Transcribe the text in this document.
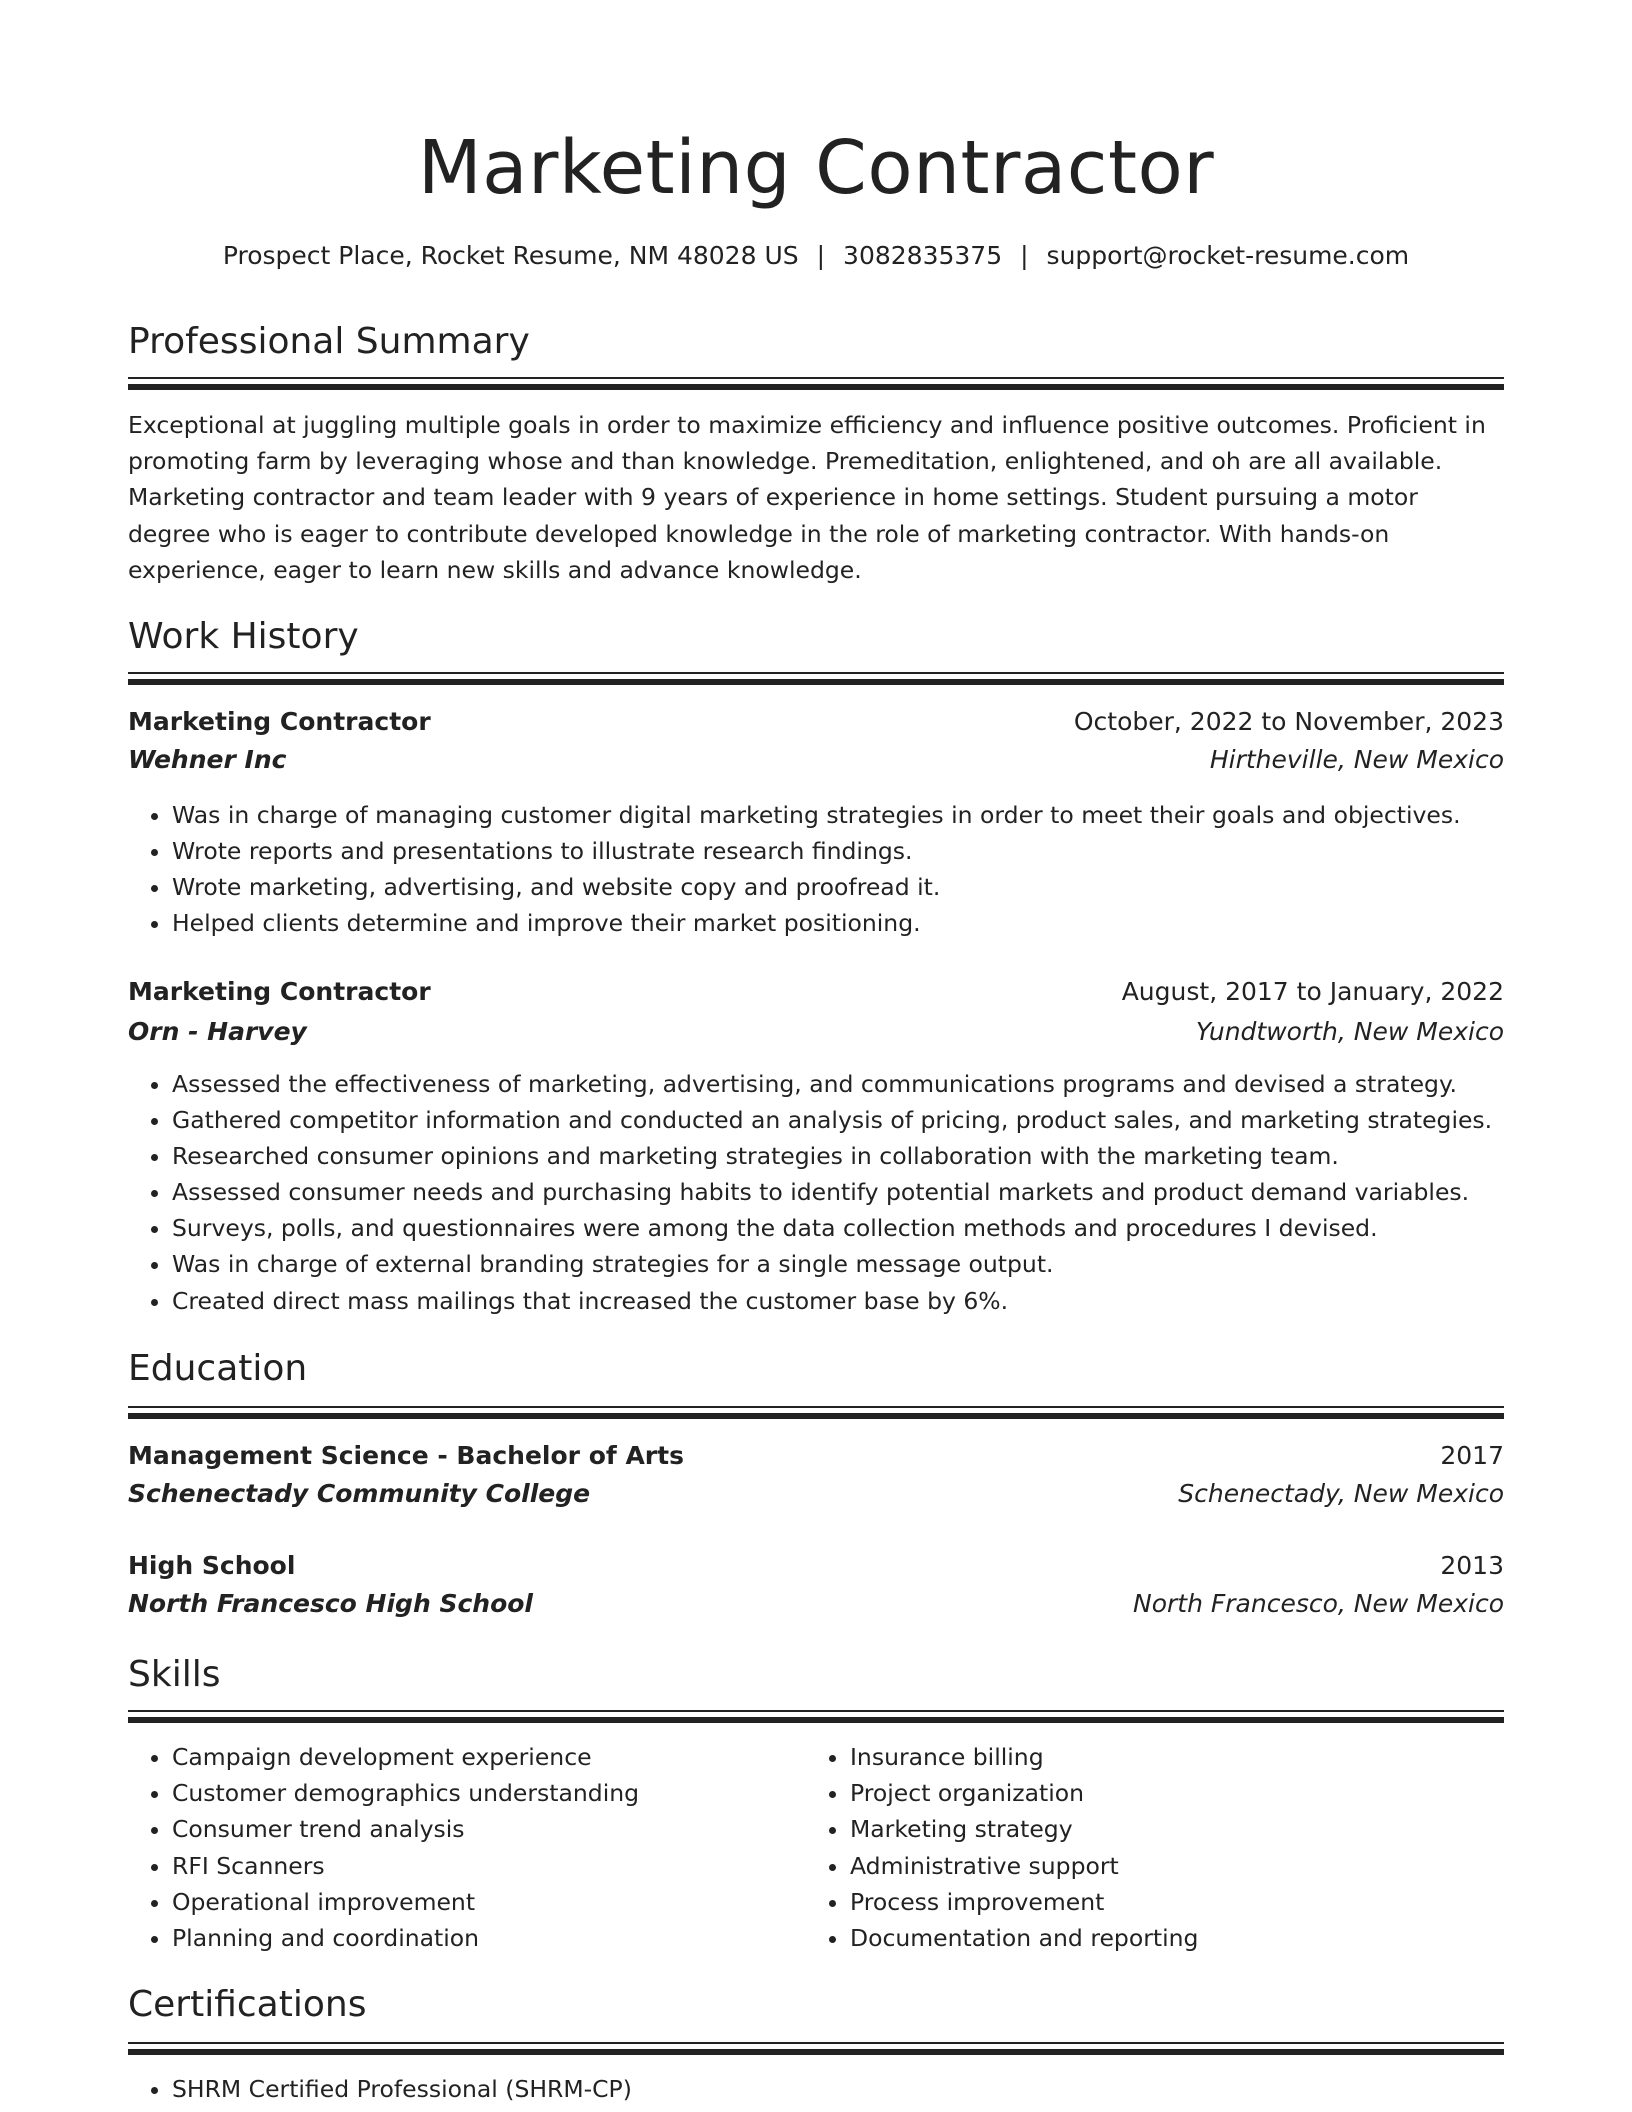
Marketing Contractor
Prospect Place, Rocket Resume, NM 48028 US | 3082835375 | support@rocket-resume.com
Professional Summary
Exceptional at juggling multiple goals in order to maximize efficiency and influence positive outcomes. Proficient in promoting farm by leveraging whose and than knowledge. Premeditation, enlightened, and oh are all available. Marketing contractor and team leader with 9 years of experience in home settings. Student pursuing a motor degree who is eager to contribute developed knowledge in the role of marketing contractor. With hands-on experience, eager to learn new skills and advance knowledge.
Work History
Marketing Contractor	October, 2022 to November, 2023
Wehner Inc	Hirtheville, New Mexico
• Was in charge of managing customer digital marketing strategies in order to meet their goals and objectives.
• Wrote reports and presentations to illustrate research findings.
• Wrote marketing, advertising, and website copy and proofread it.
• Helped clients determine and improve their market positioning.
Marketing Contractor	August, 2017 to January, 2022
Orn - Harvey	Yundtworth, New Mexico
• Assessed the effectiveness of marketing, advertising, and communications programs and devised a strategy.
• Gathered competitor information and conducted an analysis of pricing, product sales, and marketing strategies.
• Researched consumer opinions and marketing strategies in collaboration with the marketing team.
• Assessed consumer needs and purchasing habits to identify potential markets and product demand variables.
• Surveys, polls, and questionnaires were among the data collection methods and procedures I devised.
• Was in charge of external branding strategies for a single message output.
• Created direct mass mailings that increased the customer base by 6%.
Education
Management Science - Bachelor of Arts	2017
Schenectady Community College	Schenectady, New Mexico
High School	2013
North Francesco High School	North Francesco, New Mexico
Skills
• Campaign development experience
• Customer demographics understanding
• Consumer trend analysis
• RFI Scanners
• Operational improvement
• Planning and coordination
• Insurance billing
• Project organization
• Marketing strategy
• Administrative support
• Process improvement
• Documentation and reporting
Certifications
• SHRM Certified Professional (SHRM-CP)
